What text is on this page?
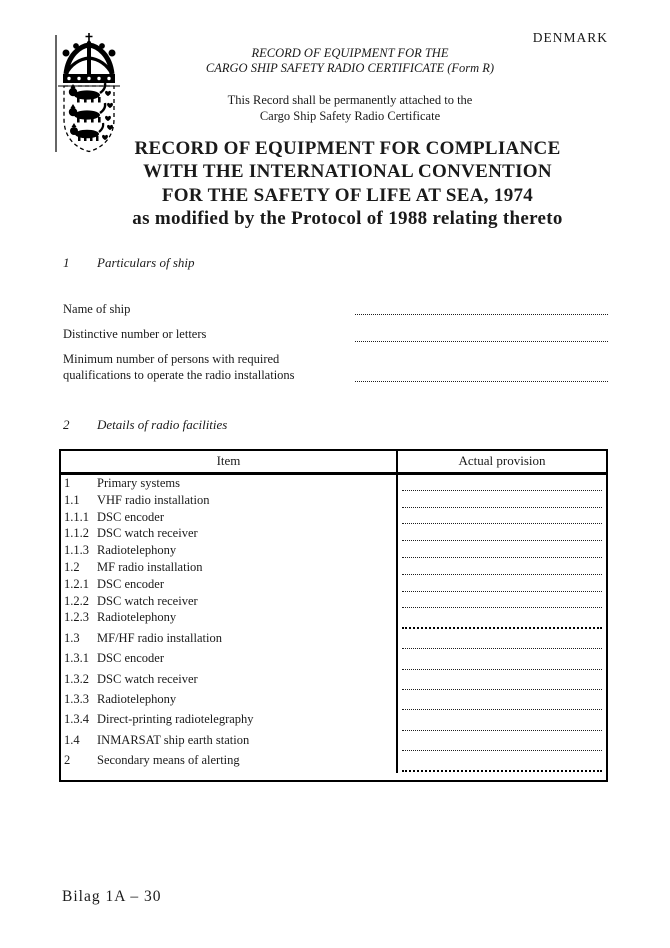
DENMARK
RECORD OF EQUIPMENT FOR THE
CARGO SHIP SAFETY RADIO CERTIFICATE (Form R)
This Record shall be permanently attached to the
Cargo Ship Safety Radio Certificate
RECORD OF EQUIPMENT FOR COMPLIANCE
WITH THE INTERNATIONAL CONVENTION
FOR THE SAFETY OF LIFE AT SEA, 1974
as modified by the Protocol of 1988 relating thereto
1	Particulars of ship
Name of ship
Distinctive number or letters
Minimum number of persons with required
qualifications to operate the radio installations
2	Details of radio facilities
Item	Actual provision
1	Primary systems
1.1	VHF radio installation
1.1.1 DSC encoder
1.1.2 DSC watch receiver
1.1.3 Radiotelephony
1.2	MF radio installation
1.2.1 DSC encoder
1.2.2 DSC watch receiver
1.2.3 Radiotelephony
1.3	MF/HF radio installation
1.3.1 DSC encoder
1.3.2 DSC watch receiver
1.3.3 Radiotelephony
1.3.4 Direct-printing radiotelegraphy
1.4	INMARSAT ship earth station
2	Secondary means of alerting
Bilag 1A – 30
